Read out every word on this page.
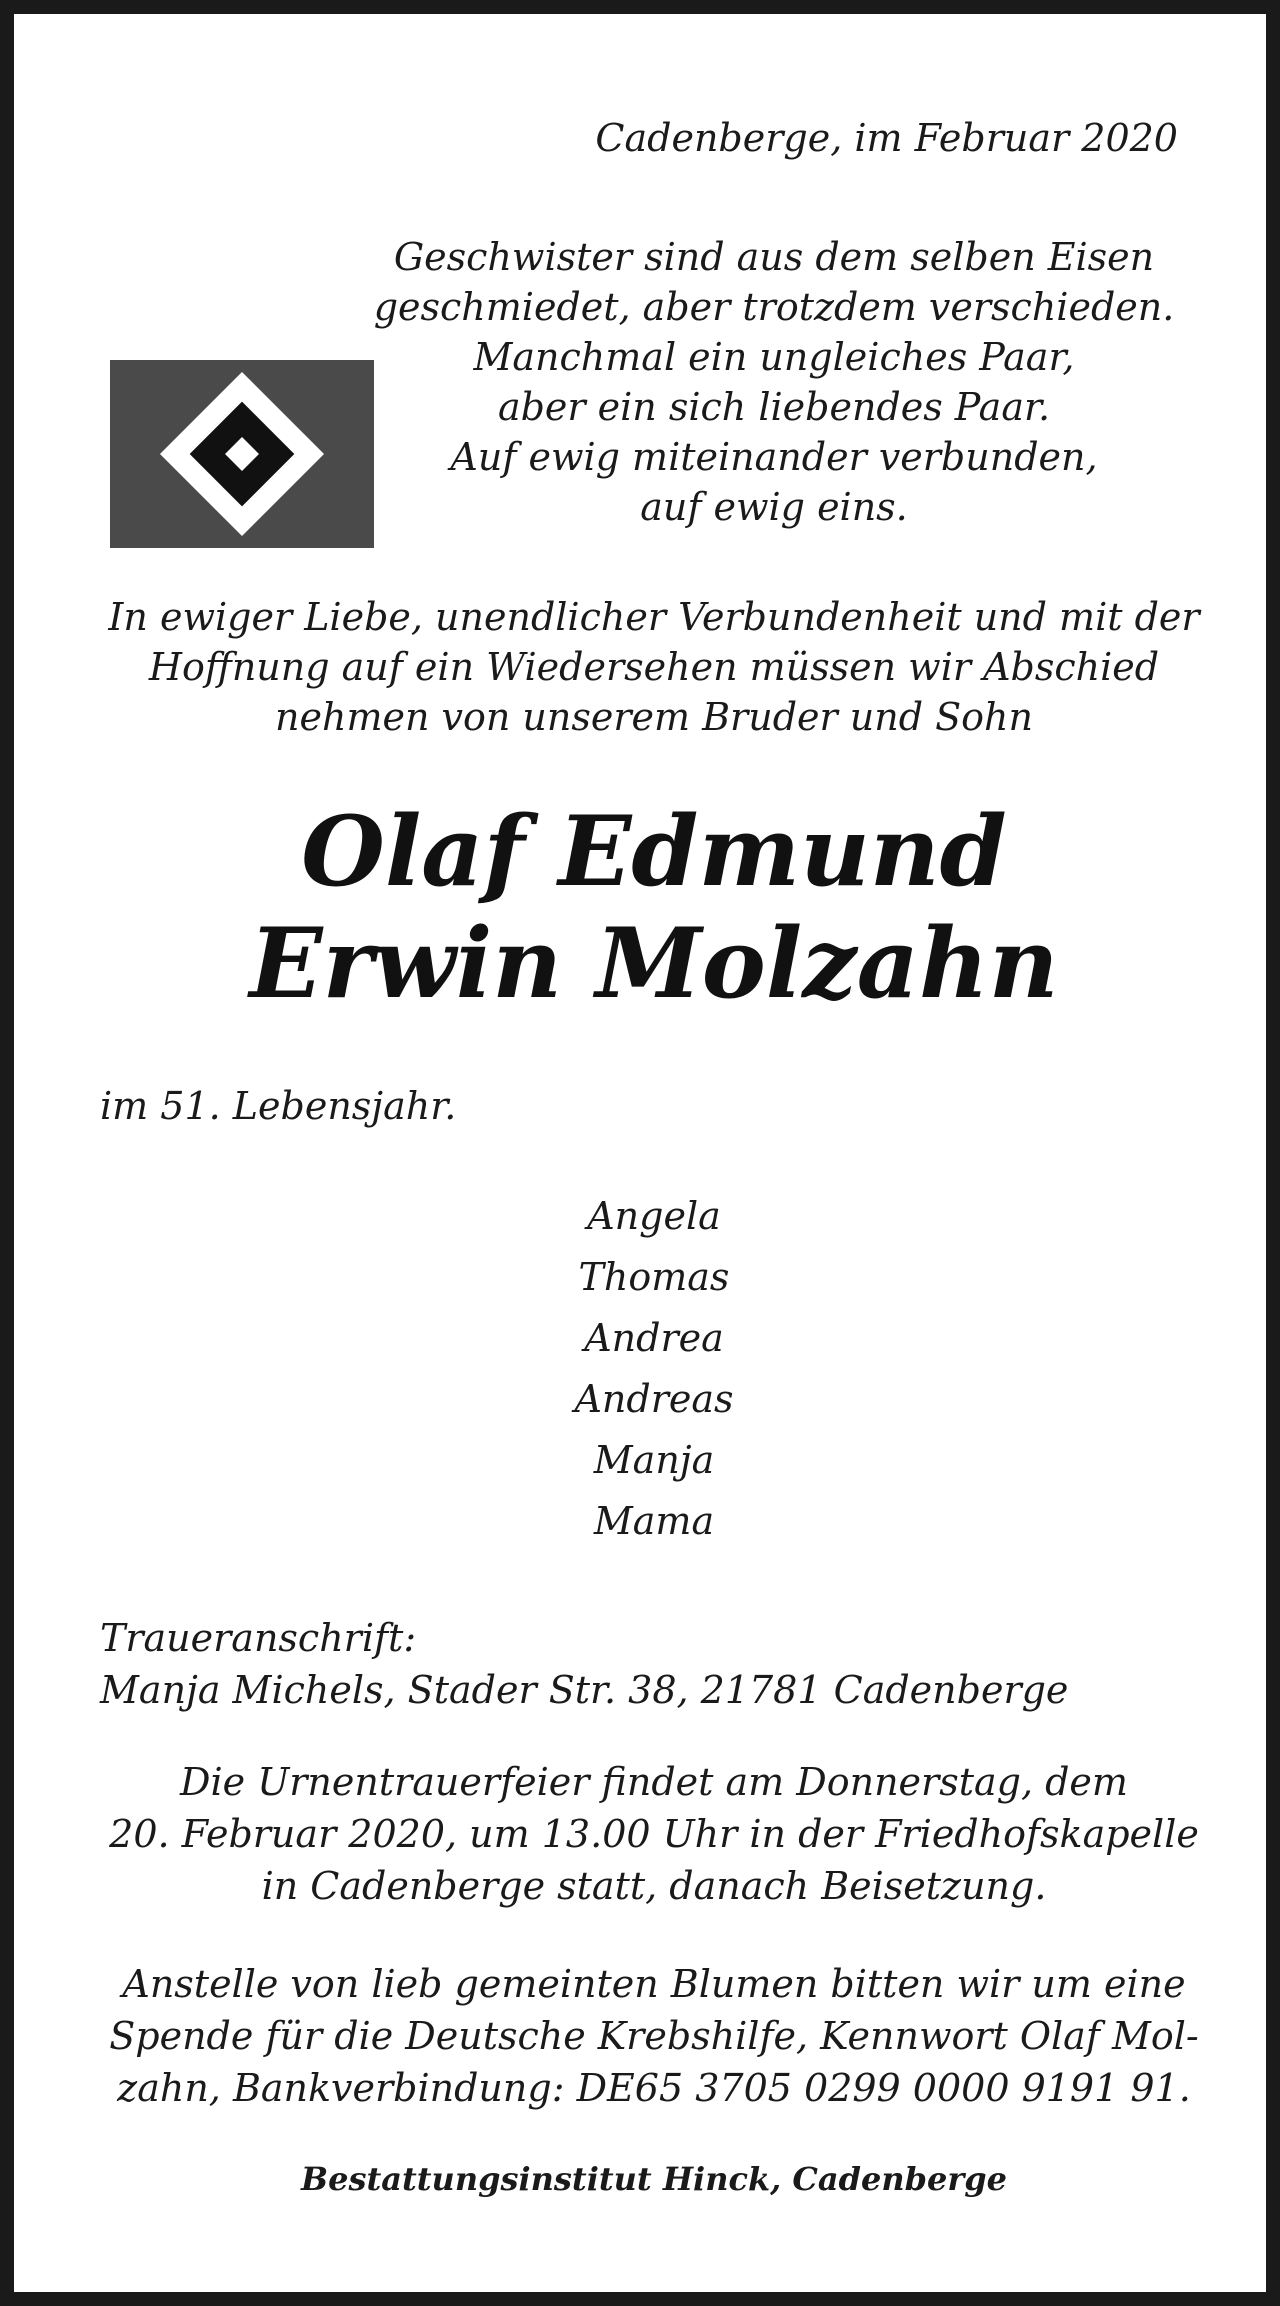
Cadenberge, im Februar 2020
Geschwister sind aus dem selben Eisen
geschmiedet, aber trotzdem verschieden.
Manchmal ein ungleiches Paar,
aber ein sich liebendes Paar.
Auf ewig miteinander verbunden,
auf ewig eins.
In ewiger Liebe, unendlicher Verbundenheit und mit der
Hoffnung auf ein Wiedersehen müssen wir Abschied
nehmen von unserem Bruder und Sohn
Olaf Edmund
Erwin Molzahn
im 51. Lebensjahr.
Angela
Thomas
Andrea
Andreas
Manja
Mama
Traueranschrift:
Manja Michels, Stader Str. 38, 21781 Cadenberge
Die Urnentrauerfeier findet am Donnerstag, dem
20. Februar 2020, um 13.00 Uhr in der Friedhofskapelle
in Cadenberge statt, danach Beisetzung.
Anstelle von lieb gemeinten Blumen bitten wir um eine
Spende für die Deutsche Krebshilfe, Kennwort Olaf Mol-
zahn, Bankverbindung: DE65 3705 0299 0000 9191 91.
Bestattungsinstitut Hinck, Cadenberge
